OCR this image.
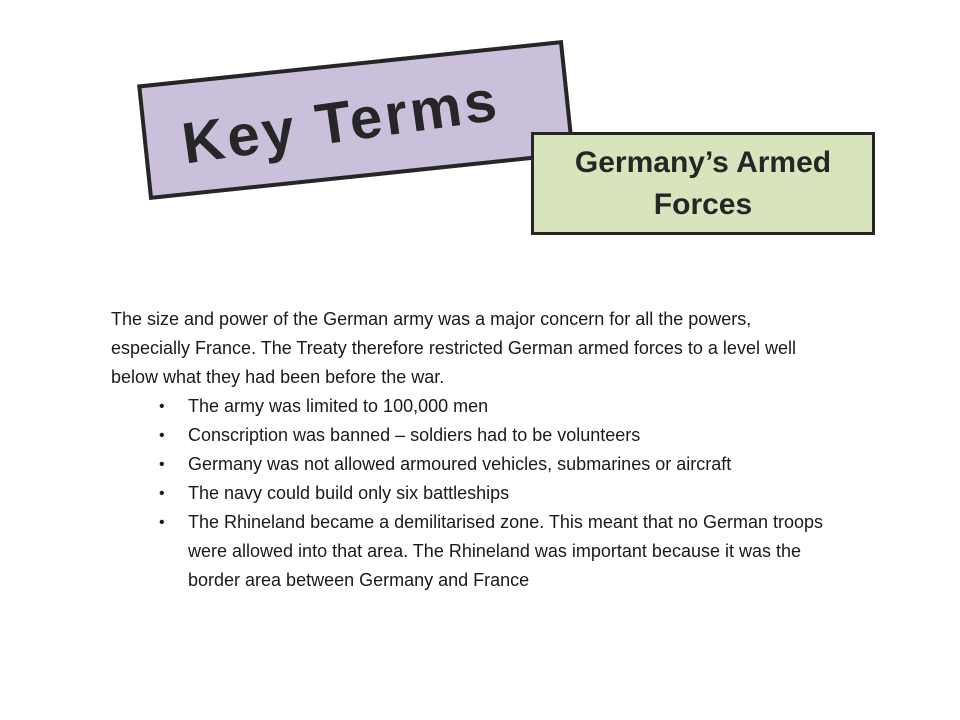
Key Terms	Germany’s Armed Forces

The size and power of the German army was a major concern for all the powers, especially France. The Treaty therefore restricted German armed forces to a level well below what they had been before the war.

• The army was limited to 100,000 men
• Conscription was banned – soldiers had to be volunteers
• Germany was not allowed armoured vehicles, submarines or aircraft
• The navy could build only six battleships
• The Rhineland became a demilitarised zone. This meant that no German troops were allowed into that area. The Rhineland was important because it was the border area between Germany and France
